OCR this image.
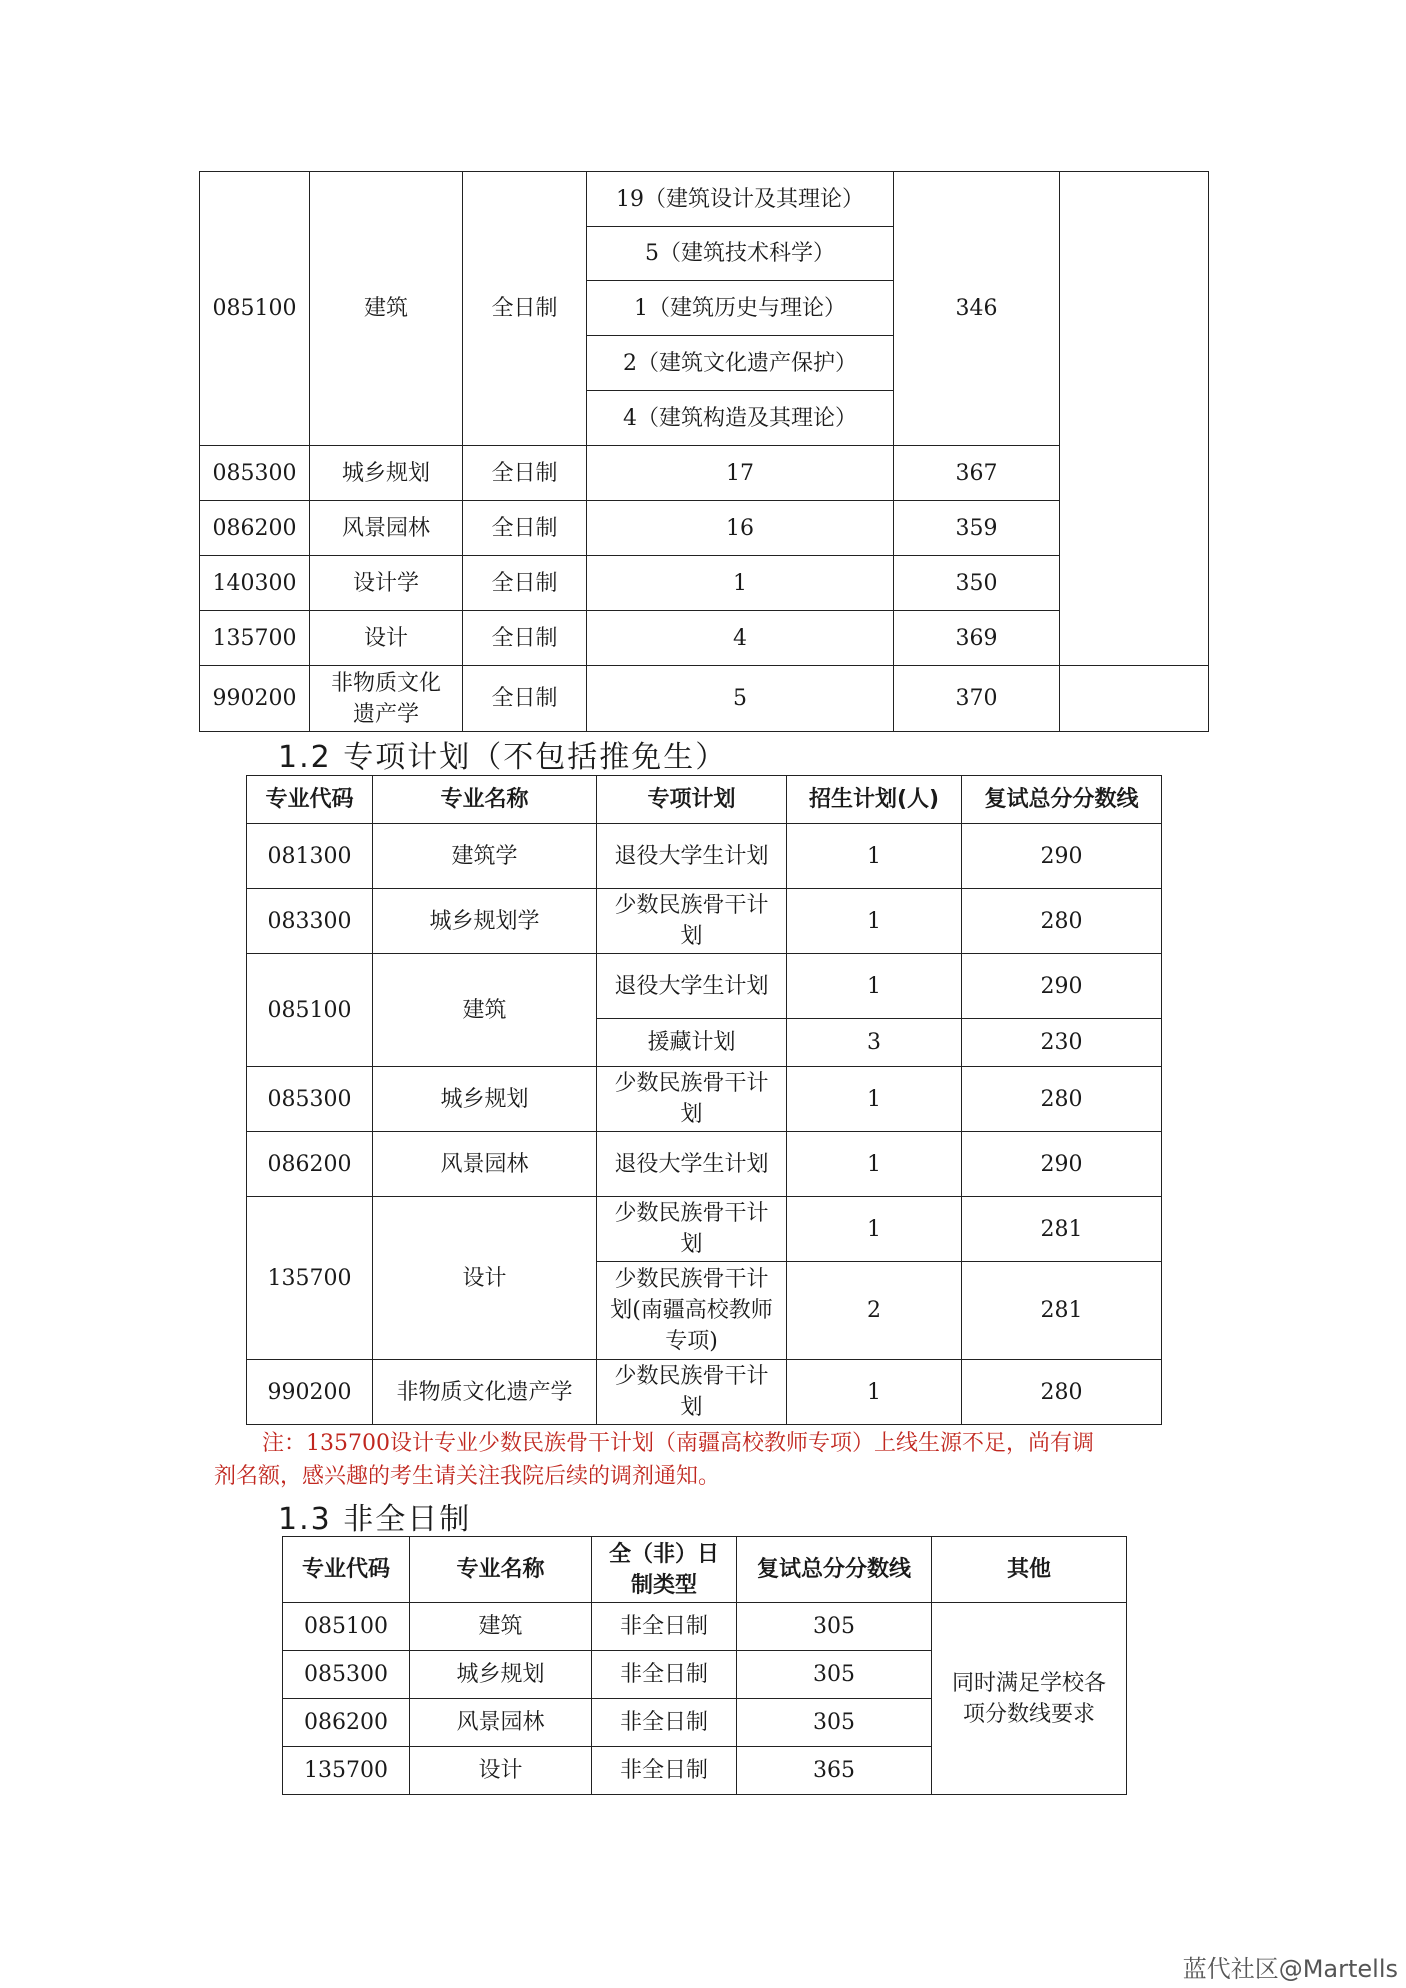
085100	建筑	全日制	19（建筑设计及其理论）	346	
			5（建筑技术科学）		
			1（建筑历史与理论）		
			2（建筑文化遗产保护）		
			4（建筑构造及其理论）		
085300	城乡规划	全日制	17	367	
086200	风景园林	全日制	16	359	
140300	设计学	全日制	1	350	
135700	设计	全日制	4	369	
990200	非物质文化遗产学	全日制	5	370	
1.2 专项计划（不包括推免生）
专业代码	专业名称	专项计划	招生计划(人)	复试总分分数线
081300	建筑学	退役大学生计划	1	290
083300	城乡规划学	少数民族骨干计划	1	280
085100	建筑	退役大学生计划	1	290
		援藏计划	3	230
085300	城乡规划	少数民族骨干计划	1	280
086200	风景园林	退役大学生计划	1	290
135700	设计	少数民族骨干计划	1	281
		少数民族骨干计划(南疆高校教师专项)	2	281
990200	非物质文化遗产学	少数民族骨干计划	1	280

注：135700设计专业少数民族骨干计划（南疆高校教师专项）上线生源不足，尚有调
剂名额，感兴趣的考生请关注我院后续的调剂通知。

1.3 非全日制
专业代码	专业名称	全（非）日制类型	复试总分分数线	其他
085100	建筑	非全日制	305	同时满足学校各项分数线要求
085300	城乡规划	非全日制	305	
086200	风景园林	非全日制	305	
135700	设计	非全日制	365	
蓝代社区@Martells
